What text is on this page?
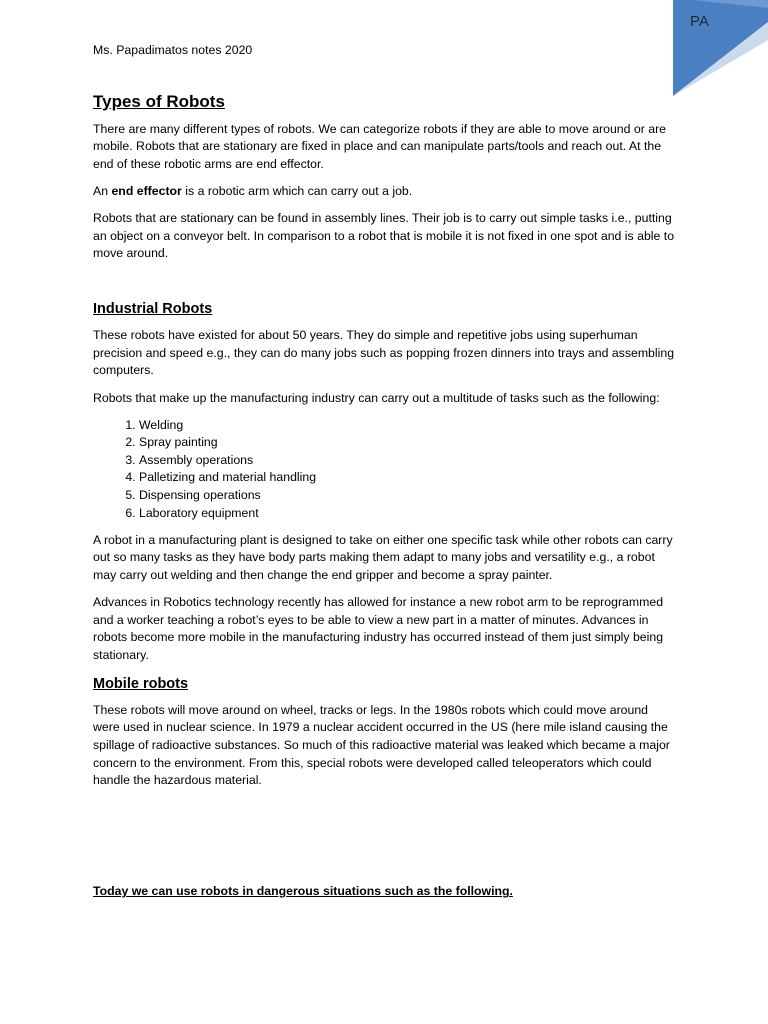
PA
Ms. Papadimatos notes 2020
Types of Robots

There are many different types of robots. We can categorize robots if they are able to move around or are mobile. Robots that are stationary are fixed in place and can manipulate parts/tools and reach out. At the end of these robotic arms are end effector.

An end effector is a robotic arm which can carry out a job.

Robots that are stationary can be found in assembly lines. Their job is to carry out simple tasks i.e., putting an object on a conveyor belt. In comparison to a robot that is mobile it is not fixed in one spot and is able to move around.

Industrial Robots

These robots have existed for about 50 years. They do simple and repetitive jobs using superhuman precision and speed e.g., they can do many jobs such as popping frozen dinners into trays and assembling computers.

Robots that make up the manufacturing industry can carry out a multitude of tasks such as the following:

1. Welding
2. Spray painting
3. Assembly operations
4. Palletizing and material handling
5. Dispensing operations
6. Laboratory equipment

A robot in a manufacturing plant is designed to take on either one specific task while other robots can carry out so many tasks as they have body parts making them adapt to many jobs and versatility e.g., a robot may carry out welding and then change the end gripper and become a spray painter.

Advances in Robotics technology recently has allowed for instance a new robot arm to be reprogrammed and a worker teaching a robot’s eyes to be able to view a new part in a matter of minutes. Advances in robots become more mobile in the manufacturing industry has occurred instead of them just simply being stationary.

Mobile robots

These robots will move around on wheel, tracks or legs. In the 1980s robots which could move around were used in nuclear science. In 1979 a nuclear accident occurred in the US (here mile island causing the spillage of radioactive substances. So much of this radioactive material was leaked which became a major concern to the environment. From this, special robots were developed called teleoperators which could handle the hazardous material.

Today we can use robots in dangerous situations such as the following.
